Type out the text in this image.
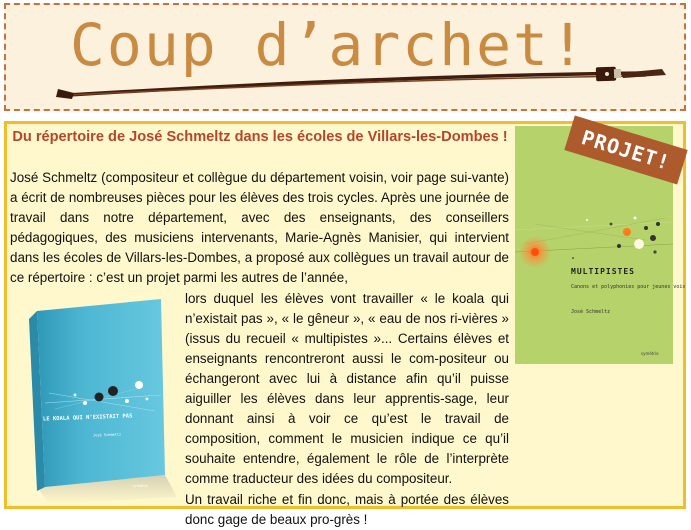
Coup d’archet!
Du répertoire de José Schmeltz dans les écoles de Villars-les-Dombes !

José Schmeltz (compositeur et collègue du département voisin, voir page sui-vante) a écrit de nombreuses pièces pour les élèves des trois cycles. Après une journée de travail dans notre département, avec des enseignants, des conseillers pédagogiques, des musiciens intervenants, Marie-Agnès Manisier, qui intervient dans les écoles de Villars-les-Dombes, a proposé aux collègues un travail autour de ce répertoire : c’est un projet parmi les autres de l’année,

lors duquel les élèves vont travailler « le koala qui n’existait pas », « le gêneur », « eau de nos ri-vières » (issus du recueil « multipistes »... Certains élèves et enseignants rencontreront aussi le com-positeur ou échangeront avec lui à distance afin qu’il puisse aiguiller les élèves dans leur apprentis-sage, leur donnant ainsi à voir ce qu’est le travail de composition, comment le musicien indique ce qu’il souhaite entendre, également le rôle de l’interprète comme traducteur des idées du compositeur.

Un travail riche et fin donc, mais à portée des élèves donc gage de beaux pro-grès !

MULTIPISTES
Canons et polyphonies pour jeunes voix
José Schmeltz
symétrie
PROJET!
LE KOALA QUI N’EXISTAIT PAS
José Schmeltz
symétrie
